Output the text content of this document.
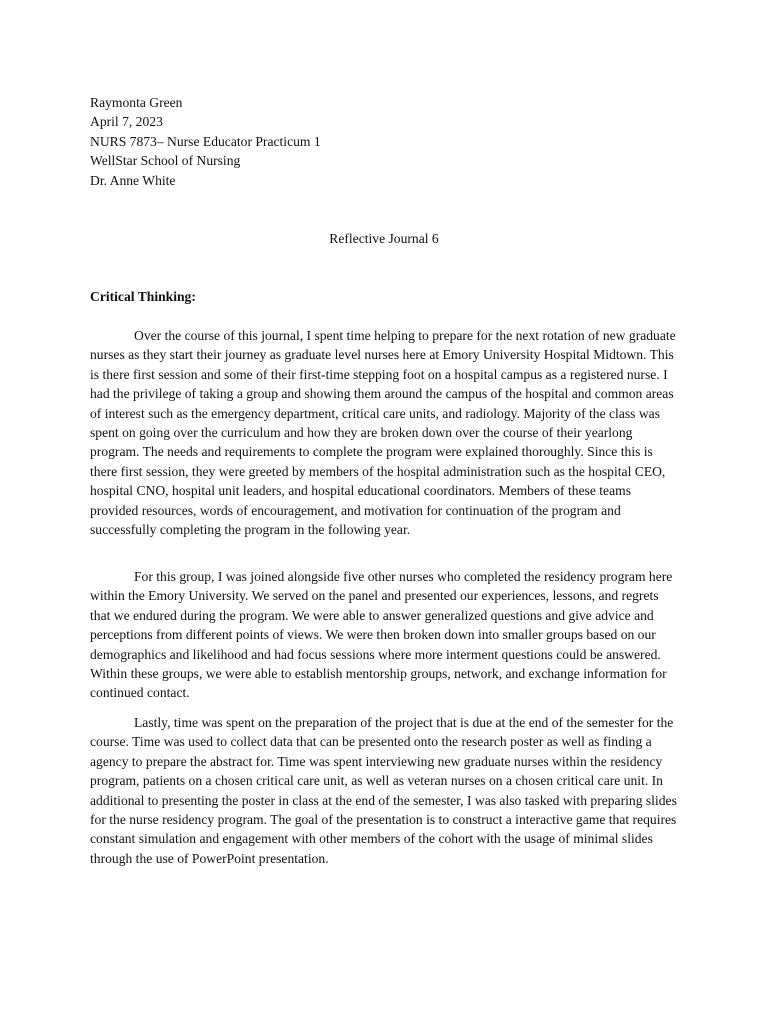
Raymonta Green
April 7, 2023
NURS 7873– Nurse Educator Practicum 1
WellStar School of Nursing
Dr. Anne White
Reflective Journal 6
Critical Thinking:

Over the course of this journal, I spent time helping to prepare for the next rotation of new graduate nurses as they start their journey as graduate level nurses here at Emory University Hospital Midtown. This is there first session and some of their first-time stepping foot on a hospital campus as a registered nurse. I had the privilege of taking a group and showing them around the campus of the hospital and common areas of interest such as the emergency department, critical care units, and radiology. Majority of the class was spent on going over the curriculum and how they are broken down over the course of their yearlong program. The needs and requirements to complete the program were explained thoroughly. Since this is there first session, they were greeted by members of the hospital administration such as the hospital CEO, hospital CNO, hospital unit leaders, and hospital educational coordinators. Members of these teams provided resources, words of encouragement, and motivation for continuation of the program and successfully completing the program in the following year.

For this group, I was joined alongside five other nurses who completed the residency program here within the Emory University. We served on the panel and presented our experiences, lessons, and regrets that we endured during the program. We were able to answer generalized questions and give advice and perceptions from different points of views. We were then broken down into smaller groups based on our demographics and likelihood and had focus sessions where more interment questions could be answered. Within these groups, we were able to establish mentorship groups, network, and exchange information for continued contact.

Lastly, time was spent on the preparation of the project that is due at the end of the semester for the course. Time was used to collect data that can be presented onto the research poster as well as finding a agency to prepare the abstract for. Time was spent interviewing new graduate nurses within the residency program, patients on a chosen critical care unit, as well as veteran nurses on a chosen critical care unit. In additional to presenting the poster in class at the end of the semester, I was also tasked with preparing slides for the nurse residency program. The goal of the presentation is to construct a interactive game that requires constant simulation and engagement with other members of the cohort with the usage of minimal slides through the use of PowerPoint presentation.
